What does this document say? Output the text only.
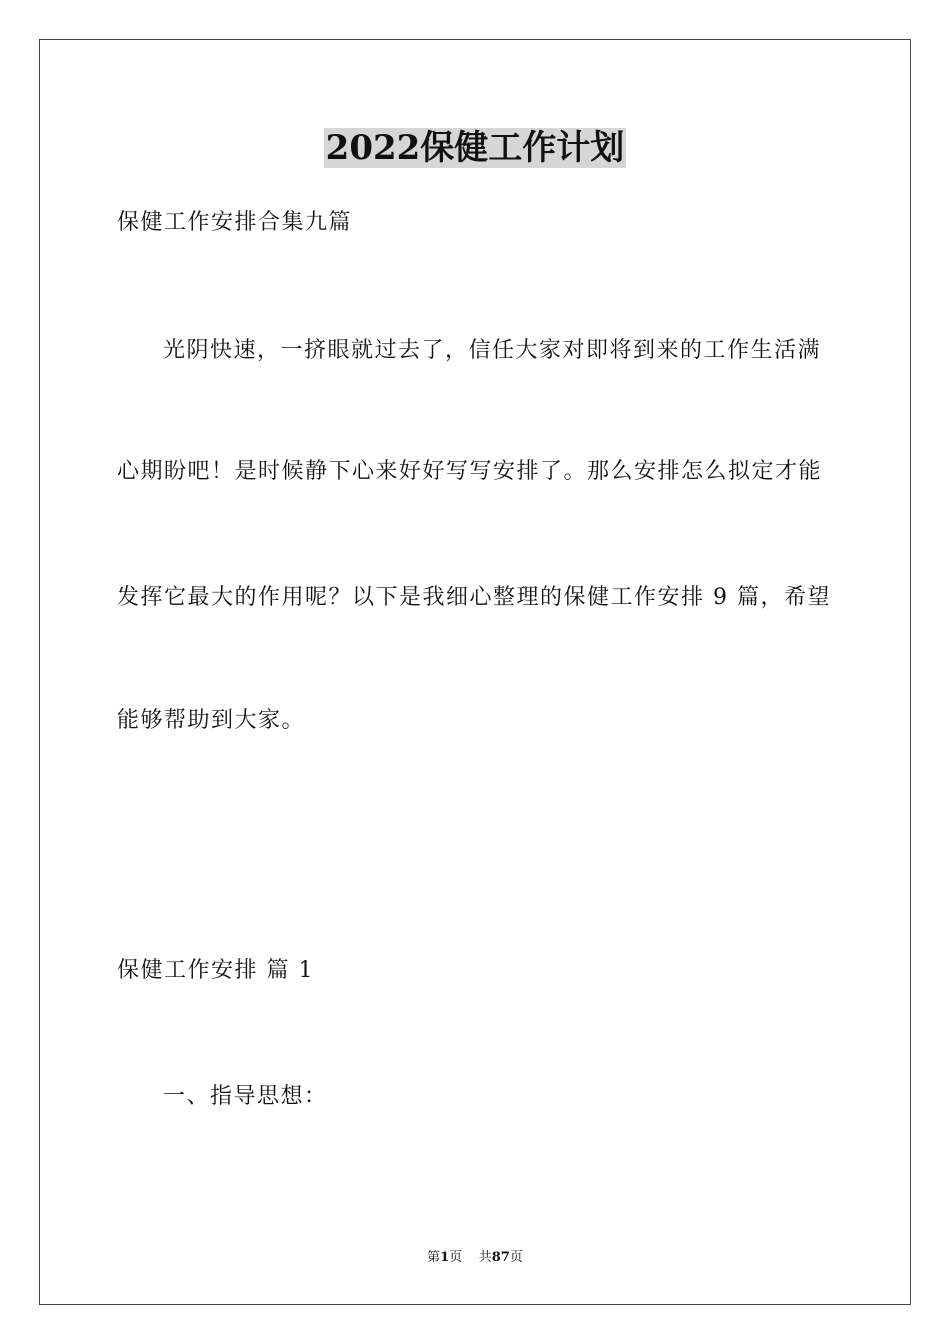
2022保健工作计划
保健工作安排合集九篇
光阴快速，一挤眼就过去了，信任大家对即将到来的工作生活满
心期盼吧！是时候静下心来好好写写安排了。那么安排怎么拟定才能
发挥它最大的作用呢？以下是我细心整理的保健工作安排 9 篇，希望
能够帮助到大家。
保健工作安排 篇 1
一、指导思想：
第1页 共87页
